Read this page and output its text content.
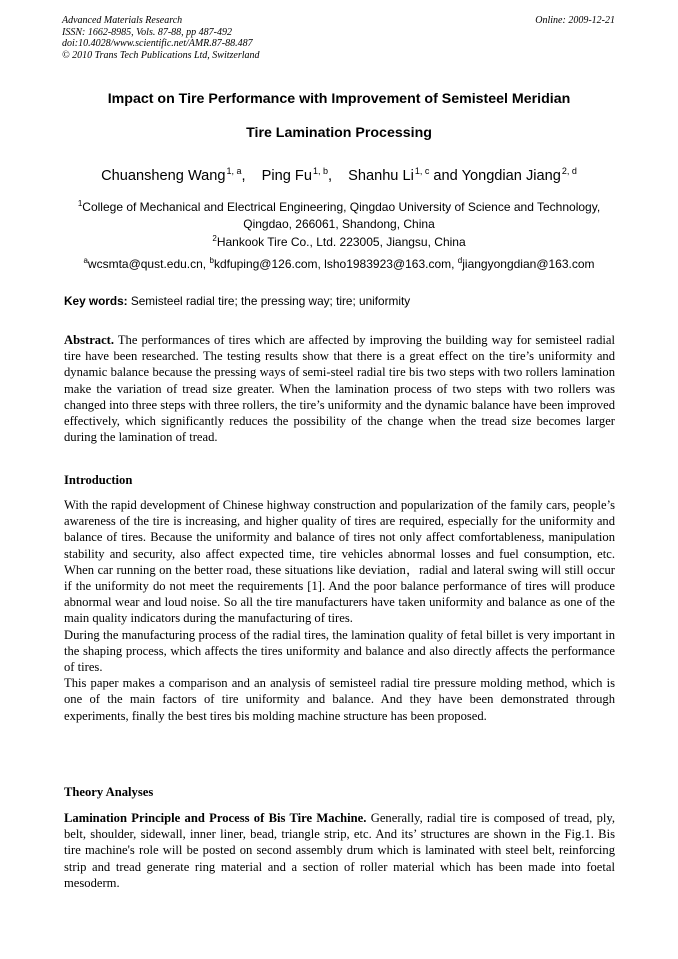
Advanced Materials Research
ISSN: 1662-8985, Vols. 87-88, pp 487-492
doi:10.4028/www.scientific.net/AMR.87-88.487
© 2010 Trans Tech Publications Ltd, Switzerland
Online: 2009-12-21
Impact on Tire Performance with Improvement of Semisteel Meridian
Tire Lamination Processing
Chuansheng Wang$^{1, a}$, Ping Fu$^{1, b}$, Shanhu Li$^{1, c}$ and Yongdian Jiang$^{2, d}$
$^1$College of Mechanical and Electrical Engineering, Qingdao University of Science and Technology,
Qingdao, 266061, Shandong, China
$^2$Hankook Tire Co., Ltd. 223005, Jiangsu, China
$^a$wcsmta@qust.edu.cn, $^b$kdfuping@126.com, lsho1983923@163.com, $^d$jiangyongdian@163.com
Key words: Semisteel radial tire; the pressing way; tire; uniformity

Abstract. The performances of tires which are affected by improving the building way for semisteel radial tire have been researched. The testing results show that there is a great effect on the tire’s uniformity and dynamic balance because the pressing ways of semi-steel radial tire bis two steps with two rollers lamination make the variation of tread size greater. When the lamination process of two steps with two rollers was changed into three steps with three rollers, the tire’s uniformity and the dynamic balance have been improved effectively, which significantly reduces the possibility of the change when the tread size becomes larger during the lamination of tread.

Introduction

With the rapid development of Chinese highway construction and popularization of the family cars, people’s awareness of the tire is increasing, and higher quality of tires are required, especially for the uniformity and balance of tires. Because the uniformity and balance of tires not only affect comfortableness, manipulation stability and security, also affect expected time, tire vehicles abnormal losses and fuel consumption, etc. When car running on the better road, these situations like deviation，radial and lateral swing will still occur if the uniformity do not meet the requirements [1]. And the poor balance performance of tires will produce abnormal wear and loud noise. So all the tire manufacturers have taken uniformity and balance as one of the main quality indicators during the manufacturing of tires.

During the manufacturing process of the radial tires, the lamination quality of fetal billet is very important in the shaping process, which affects the tires uniformity and balance and also directly affects the performance of tires.

This paper makes a comparison and an analysis of semisteel radial tire pressure molding method, which is one of the main factors of tire uniformity and balance. And they have been demonstrated through experiments, finally the best tires bis molding machine structure has been proposed.

Theory Analyses

Lamination Principle and Process of Bis Tire Machine. Generally, radial tire is composed of tread, ply, belt, shoulder, sidewall, inner liner, bead, triangle strip, etc. And its’ structures are shown in the Fig.1. Bis tire machine's role will be posted on second assembly drum which is laminated with steel belt, reinforcing strip and tread generate ring material and a section of roller material which has been made into foetal mesoderm.
